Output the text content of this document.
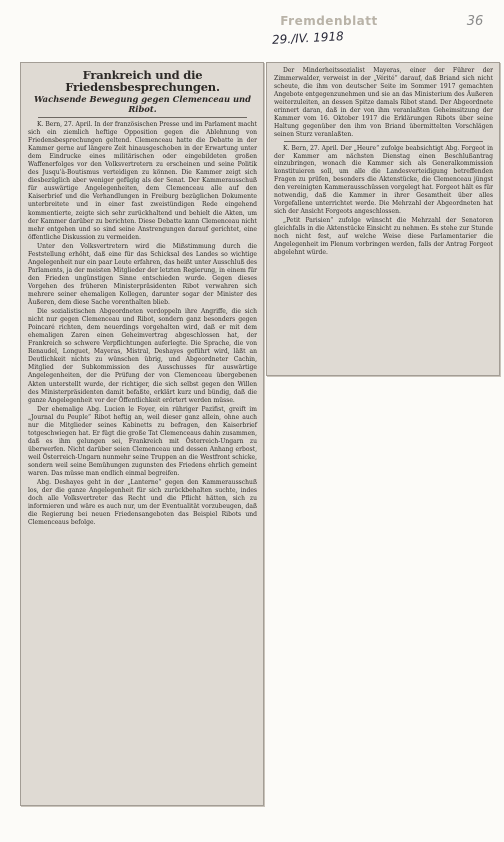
Fremdenblatt
29./IV. 1918
36
Frankreich und die Friedensbesprechungen.
Wachsende Bewegung gegen Clemenceau und Ribot.

K. Bern, 27. April. In der französischen Presse und im Parlament macht sich ein ziemlich heftige Opposition gegen die Ablehnung von Friedensbesprechungen geltend. Clemenceau hatte die Debatte in der Kammer gerne auf längere Zeit hinausgeschoben in der Erwartung unter dem Eindrucke eines militärischen oder eingebildeten großen Waffenerfolges vor den Volksvertretern zu erscheinen und seine Politik des Jusqu'à-Boutismus verteidigen zu können. Die Kammer zeigt sich diesbezüglich aber weniger gefügig als der Senat. Der Kammerausschuß für auswärtige Angelegenheiten, dem Clemenceau alle auf den Kaiserbrief und die Verhandlungen in Freiburg bezüglichen Dokumente unterbreitete und in einer fast zweistündigen Rede eingehend kommentierte, zeigte sich sehr zurückhaltend und behielt die Akten, um der Kammer darüber zu berichten. Diese Debatte kann Clemenceau nicht mehr entgehen und so sind seine Anstrengungen darauf gerichtet, eine öffentliche Diskussion zu vermeiden.

Unter den Volksvertretern wird die Mißstimmung durch die Feststellung erhöht, daß eine für das Schicksal des Landes so wichtige Angelegenheit nur ein paar Leute erfahren, das heißt unter Ausschluß des Parlaments, ja der meisten Mitglieder der letzten Regierung, in einem für den Frieden ungünstigen Sinne entschieden wurde. Gegen dieses Vorgehen des früheren Ministerpräsidenten Ribot verwahren sich mehrere seiner ehemaligen Kollegen, darunter sogar der Minister des Äußeren, dem diese Sache vorenthalten blieb.

Die sozialistischen Abgeordneten verdoppeln ihre Angriffe, die sich nicht nur gegen Clemenceau und Ribot, sondern ganz besonders gegen Poincaré richten, dem neuerdings vorgehalten wird, daß er mit dem ehemaligen Zaren einen Geheimvertrag abgeschlossen hat, der Frankreich so schwere Verpflichtungen auferlegte. Die Sprache, die von Renaudel, Longuet, Mayeras, Mistral, Deshayes geführt wird, läßt an Deutlichkeit nichts zu wünschen übrig, und Abgeordneter Cachin, Mitglied der Subkommission des Ausschusses für auswärtige Angelegenheiten, der die Prüfung der von Clemenceau übergebenen Akten unterstellt wurde, der richtiger, die sich selbst gegen den Willen des Ministerpräsidenten damit befaßte, erklärt kurz und bündig, daß die ganze Angelegenheit vor der Öffentlichkeit erörtert werden müsse.

Der ehemalige Abg. Lucien le Foyer, ein rühriger Pazifist, greift im „Journal du Peuple“ Ribot heftig an, weil dieser ganz allein, ohne auch nur die Mitglieder seines Kabinetts zu befragen, den Kaiserbrief totgeschwiegen hat. Er fügt die große Tat Clemenceaus dahin zusammen, daß es ihm gelungen sei, Frankreich mit Österreich-Ungarn zu überwerfen. Nicht darüber seien Clemenceau und dessen Anhang erbost, weil Österreich-Ungarn nunmehr seine Truppen an die Westfront schicke, sondern weil seine Bemühungen zugunsten des Friedens ehrlich gemeint waren. Das müsse man endlich einmal begreifen.

Abg. Deshayes geht in der „Lanterne“ gegen den Kammerausschuß los, der die ganze Angelegenheit für sich zurückbehalten suchte, indes doch alle Volksvertreter das Recht und die Pflicht hätten, sich zu informieren und wäre es auch nur, um der Eventualität vorzubeugen, daß die Regierung bei neuen Friedensangeboten das Beispiel Ribots und Clemenceaus befolge.

Der Minderheitssozialist Mayeras, einer der Führer der Zimmerwalder, verweist in der „Vérité“ darauf, daß Briand sich nicht scheute, die ihm von deutscher Seite im Sommer 1917 gemachten Angebote entgegenzunehmen und sie an das Ministerium des Äußeren weiterzuleiten, an dessen Spitze damals Ribot stand. Der Abgeordnete erinnert daran, daß in der von ihm veranlaßten Geheimsitzung der Kammer vom 16. Oktober 1917 die Erklärungen Ribots über seine Haltung gegenüber den ihm von Briand übermittelten Vorschlägen seinen Sturz veranlaßten.

K. Bern, 27. April. Der „Heure“ zufolge beabsichtigt Abg. Forgeot in der Kammer am nächsten Dienstag einen Beschlußantrag einzubringen, wonach die Kammer sich als Generalkommission konstituieren soll, um alle die Landesverteidigung betreffenden Fragen zu prüfen, besonders die Aktenstücke, die Clemenceau jüngst den vereinigten Kammerausschüssen vorgelegt hat. Forgeot hält es für notwendig, daß die Kammer in ihrer Gesamtheit über alles Vorgefallene unterrichtet werde. Die Mehrzahl der Abgeordneten hat sich der Ansicht Forgeots angeschlossen.

„Petit Parisien“ zufolge wünscht die Mehrzahl der Senatoren gleichfalls in die Aktenstücke Einsicht zu nehmen. Es stehe zur Stunde noch nicht fest, auf welche Weise diese Parlamentarier die Angelegenheit im Plenum vorbringen werden, falls der Antrag Forgeot abgelehnt würde.
